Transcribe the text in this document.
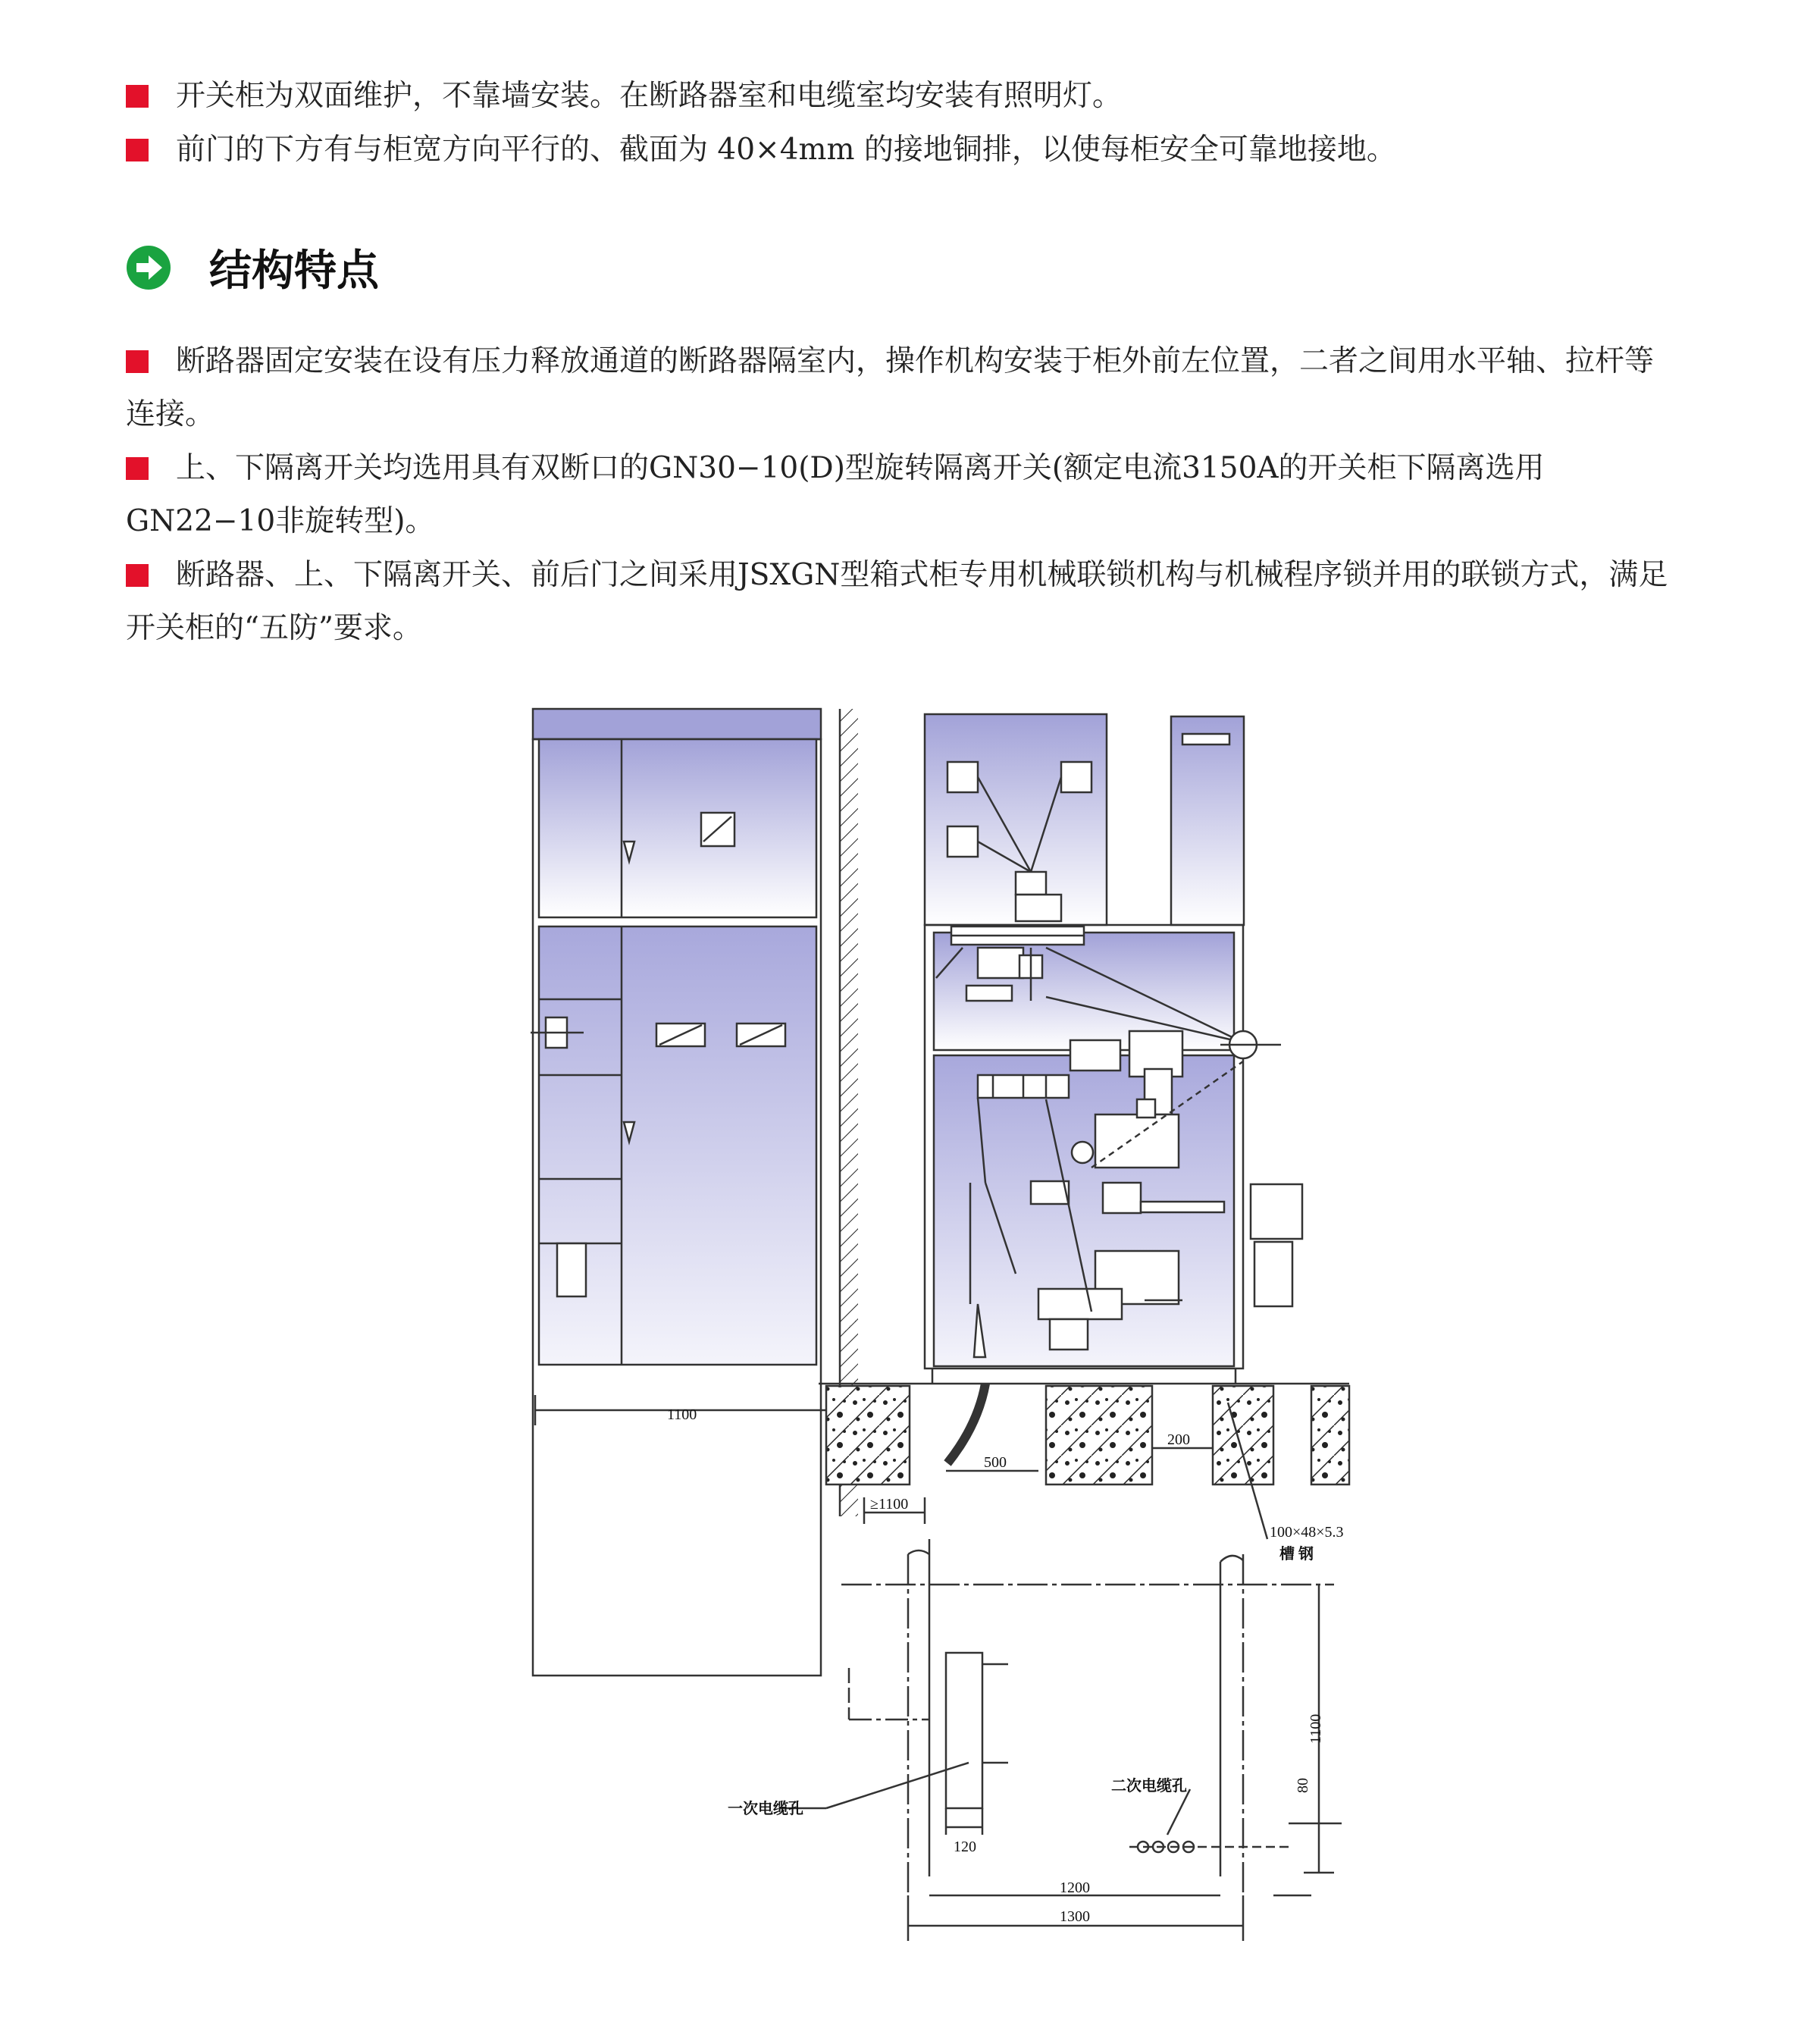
开关柜为双面维护，不靠墙安装。在断路器室和电缆室均安装有照明灯。
前门的下方有与柜宽方向平行的、截面为 40×4mm 的接地铜排，以使每柜安全可靠地接地。
结构特点
断路器固定安装在设有压力释放通道的断路器隔室内，操作机构安装于柜外前左位置，二者之间用水平轴、拉杆等连接。
上、下隔离开关均选用具有双断口的GN30−10(D)型旋转隔离开关(额定电流3150A的开关柜下隔离选用GN22−10非旋转型)。
断路器、上、下隔离开关、前后门之间采用JSXGN型箱式柜专用机械联锁机构与机械程序锁并用的联锁方式，满足开关柜的“五防”要求。
1100
500
200
≥1100
100×48×5.3
槽 钢
一次电缆孔
二次电缆孔
120
80
1100
1200
1300
